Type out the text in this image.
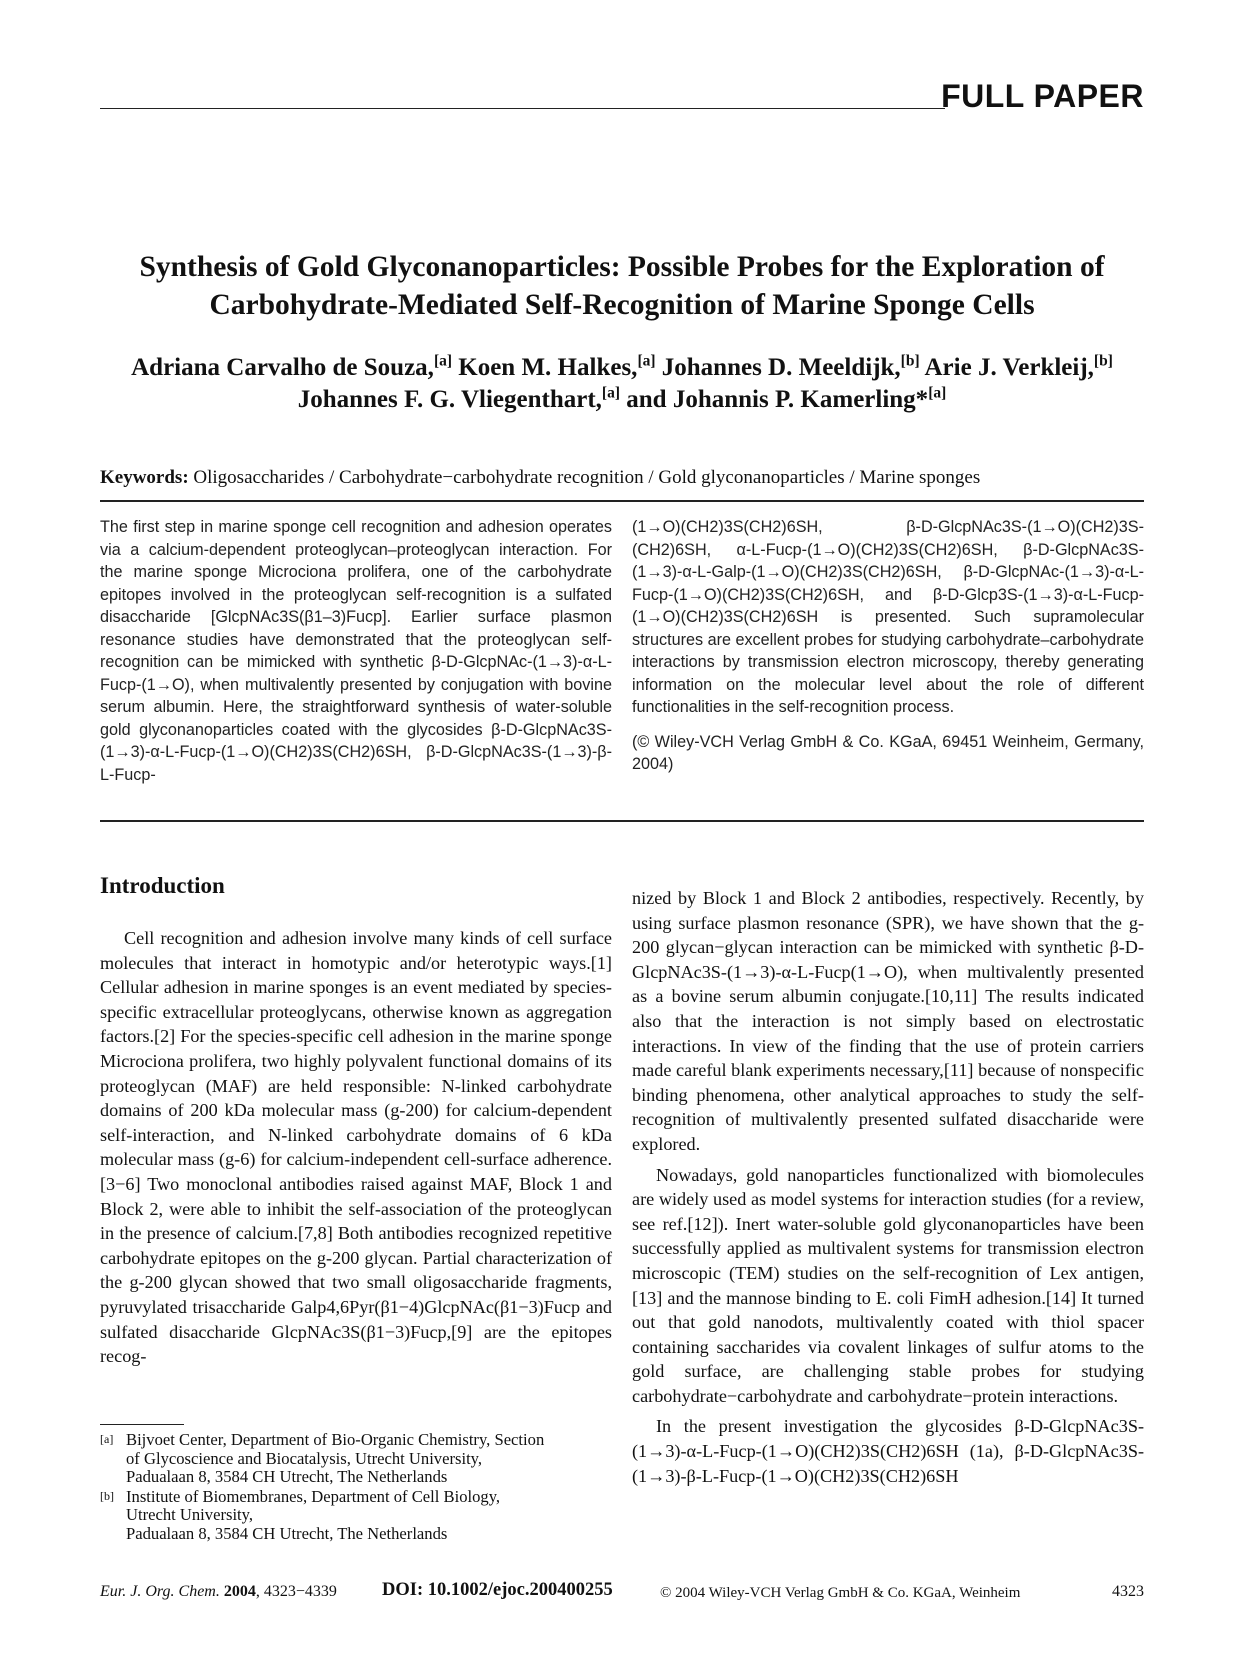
FULL PAPER
Synthesis of Gold Glyconanoparticles: Possible Probes for the Exploration of
Carbohydrate-Mediated Self-Recognition of Marine Sponge Cells
Adriana Carvalho de Souza,[a] Koen M. Halkes,[a] Johannes D. Meeldijk,[b] Arie J. Verkleij,[b]
Johannes F. G. Vliegenthart,[a] and Johannis P. Kamerling*[a]
Keywords: Oligosaccharides / Carbohydrate−carbohydrate recognition / Gold glyconanoparticles / Marine sponges

The first step in marine sponge cell recognition and adhesion operates via a calcium-dependent proteoglycan–proteoglycan interaction. For the marine sponge Microciona prolifera, one of the carbohydrate epitopes involved in the proteoglycan self-recognition is a sulfated disaccharide [GlcpNAc3S(β1–3)Fucp]. Earlier surface plasmon resonance studies have demonstrated that the proteoglycan self-recognition can be mimicked with synthetic β-D-GlcpNAc-(1→3)-α-L-Fucp-(1→O), when multivalently presented by conjugation with bovine serum albumin. Here, the straightforward synthesis of water-soluble gold glyconanoparticles coated with the glycosides β-D-GlcpNAc3S-(1→3)-α-L-Fucp-(1→O)(CH2)3S(CH2)6SH, β-D-GlcpNAc3S-(1→3)-β-L-Fucp-

(1→O)(CH2)3S(CH2)6SH, β-D-GlcpNAc3S-(1→O)(CH2)3S-(CH2)6SH, α-L-Fucp-(1→O)(CH2)3S(CH2)6SH, β-D-GlcpNAc3S-(1→3)-α-L-Galp-(1→O)(CH2)3S(CH2)6SH, β-D-GlcpNAc-(1→3)-α-L-Fucp-(1→O)(CH2)3S(CH2)6SH, and β-D-Glcp3S-(1→3)-α-L-Fucp-(1→O)(CH2)3S(CH2)6SH is presented. Such supramolecular structures are excellent probes for studying carbohydrate–carbohydrate interactions by transmission electron microscopy, thereby generating information on the molecular level about the role of different functionalities in the self-recognition process.

(© Wiley-VCH Verlag GmbH & Co. KGaA, 69451 Weinheim, Germany, 2004)

Introduction

Cell recognition and adhesion involve many kinds of cell surface molecules that interact in homotypic and/or heterotypic ways.[1] Cellular adhesion in marine sponges is an event mediated by species-specific extracellular proteoglycans, otherwise known as aggregation factors.[2] For the species-specific cell adhesion in the marine sponge Microciona prolifera, two highly polyvalent functional domains of its proteoglycan (MAF) are held responsible: N-linked carbohydrate domains of 200 kDa molecular mass (g-200) for calcium-dependent self-interaction, and N-linked carbohydrate domains of 6 kDa molecular mass (g-6) for calcium-independent cell-surface adherence.[3−6] Two monoclonal antibodies raised against MAF, Block 1 and Block 2, were able to inhibit the self-association of the proteoglycan in the presence of calcium.[7,8] Both antibodies recognized repetitive carbohydrate epitopes on the g-200 glycan. Partial characterization of the g-200 glycan showed that two small oligosaccharide fragments, pyruvylated trisaccharide Galp4,6Pyr(β1−4)GlcpNAc(β1−3)Fucp and sulfated disaccharide GlcpNAc3S(β1−3)Fucp,[9] are the epitopes recog-

nized by Block 1 and Block 2 antibodies, respectively. Recently, by using surface plasmon resonance (SPR), we have shown that the g-200 glycan−glycan interaction can be mimicked with synthetic β-D-GlcpNAc3S-(1→3)-α-L-Fucp(1→O), when multivalently presented as a bovine serum albumin conjugate.[10,11] The results indicated also that the interaction is not simply based on electrostatic interactions. In view of the finding that the use of protein carriers made careful blank experiments necessary,[11] because of nonspecific binding phenomena, other analytical approaches to study the self-recognition of multivalently presented sulfated disaccharide were explored.

Nowadays, gold nanoparticles functionalized with biomolecules are widely used as model systems for interaction studies (for a review, see ref.[12]). Inert water-soluble gold glyconanoparticles have been successfully applied as multivalent systems for transmission electron microscopic (TEM) studies on the self-recognition of Lex antigen,[13] and the mannose binding to E. coli FimH adhesion.[14] It turned out that gold nanodots, multivalently coated with thiol spacer containing saccharides via covalent linkages of sulfur atoms to the gold surface, are challenging stable probes for studying carbohydrate−carbohydrate and carbohydrate−protein interactions.

In the present investigation the glycosides β-D-GlcpNAc3S-(1→3)-α-L-Fucp-(1→O)(CH2)3S(CH2)6SH (1a), β-D-GlcpNAc3S-(1→3)-β-L-Fucp-(1→O)(CH2)3S(CH2)6SH

[a] Bijvoet Center, Department of Bio-Organic Chemistry, Section
of Glycoscience and Biocatalysis, Utrecht University,
Padualaan 8, 3584 CH Utrecht, The Netherlands
[b] Institute of Biomembranes, Department of Cell Biology,
Utrecht University,
Padualaan 8, 3584 CH Utrecht, The Netherlands
Eur. J. Org. Chem. 2004, 4323−4339 DOI: 10.1002/ejoc.200400255	© 2004 Wiley-VCH Verlag GmbH & Co. KGaA, Weinheim	4323
